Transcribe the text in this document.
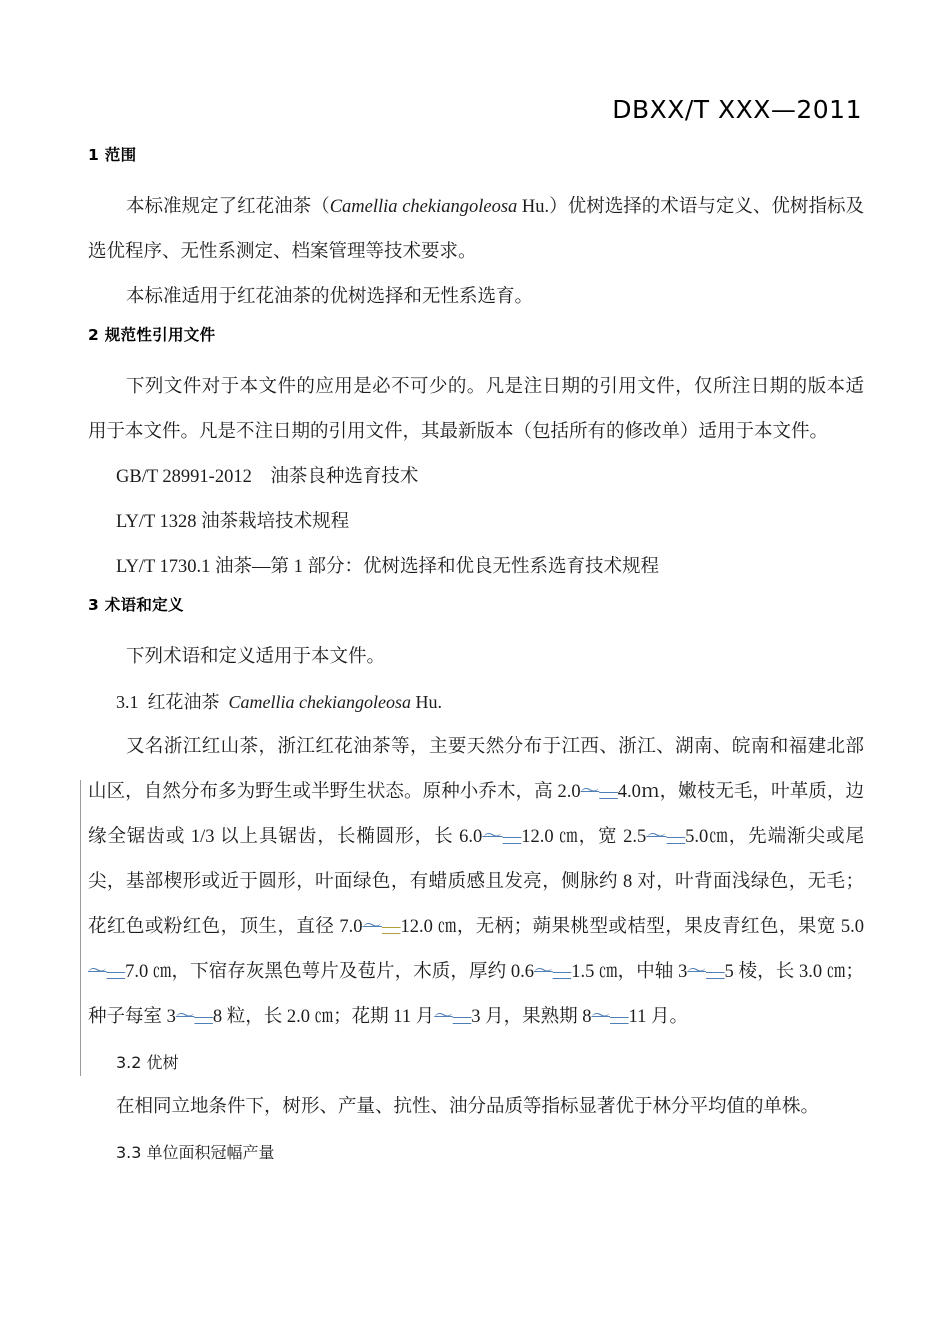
DBXX/T XXX—2011
1 范围

本标准规定了红花油茶（Camellia chekiangoleosa Hu.）优树选择的术语与定义、优树指标及选优程序、无性系测定、档案管理等技术要求。

本标准适用于红花油茶的优树选择和无性系选育。

2 规范性引用文件

下列文件对于本文件的应用是必不可少的。凡是注日期的引用文件，仅所注日期的版本适用于本文件。凡是不注日期的引用文件，其最新版本（包括所有的修改单）适用于本文件。

GB/T 28991-2012　油茶良种选育技术

LY/T 1328 油茶栽培技术规程

LY/T 1730.1 油茶—第 1 部分：优树选择和优良无性系选育技术规程

3 术语和定义

下列术语和定义适用于本文件。

3.1 红花油茶 Camellia chekiangoleosa Hu.

又名浙江红山茶，浙江红花油茶等，主要天然分布于江西、浙江、湖南、皖南和福建北部山区，自然分布多为野生或半野生状态。原种小乔木，高 2.0～—4.0ｍ，嫩枝无毛，叶革质，边缘全锯齿或 1/3 以上具锯齿，长椭圆形，长 6.0～—12.0 ㎝，宽 2.5～—5.0㎝，先端渐尖或尾尖，基部楔形或近于圆形，叶面绿色，有蜡质感且发亮，侧脉约 8 对，叶背面浅绿色，无毛；花红色或粉红色，顶生，直径 7.0～—12.0 ㎝，无柄；蒴果桃型或桔型，果皮青红色，果宽 5.0～—7.0 ㎝，下宿存灰黑色萼片及苞片，木质，厚约 0.6～—1.5 ㎝，中轴 3～—5 棱，长 3.0 ㎝；种子每室 3～—8 粒，长 2.0 ㎝；花期 11 月～—3 月，果熟期 8～—11 月。

3.2 优树

在相同立地条件下，树形、产量、抗性、油分品质等指标显著优于林分平均值的单株。

3.3 单位面积冠幅产量
